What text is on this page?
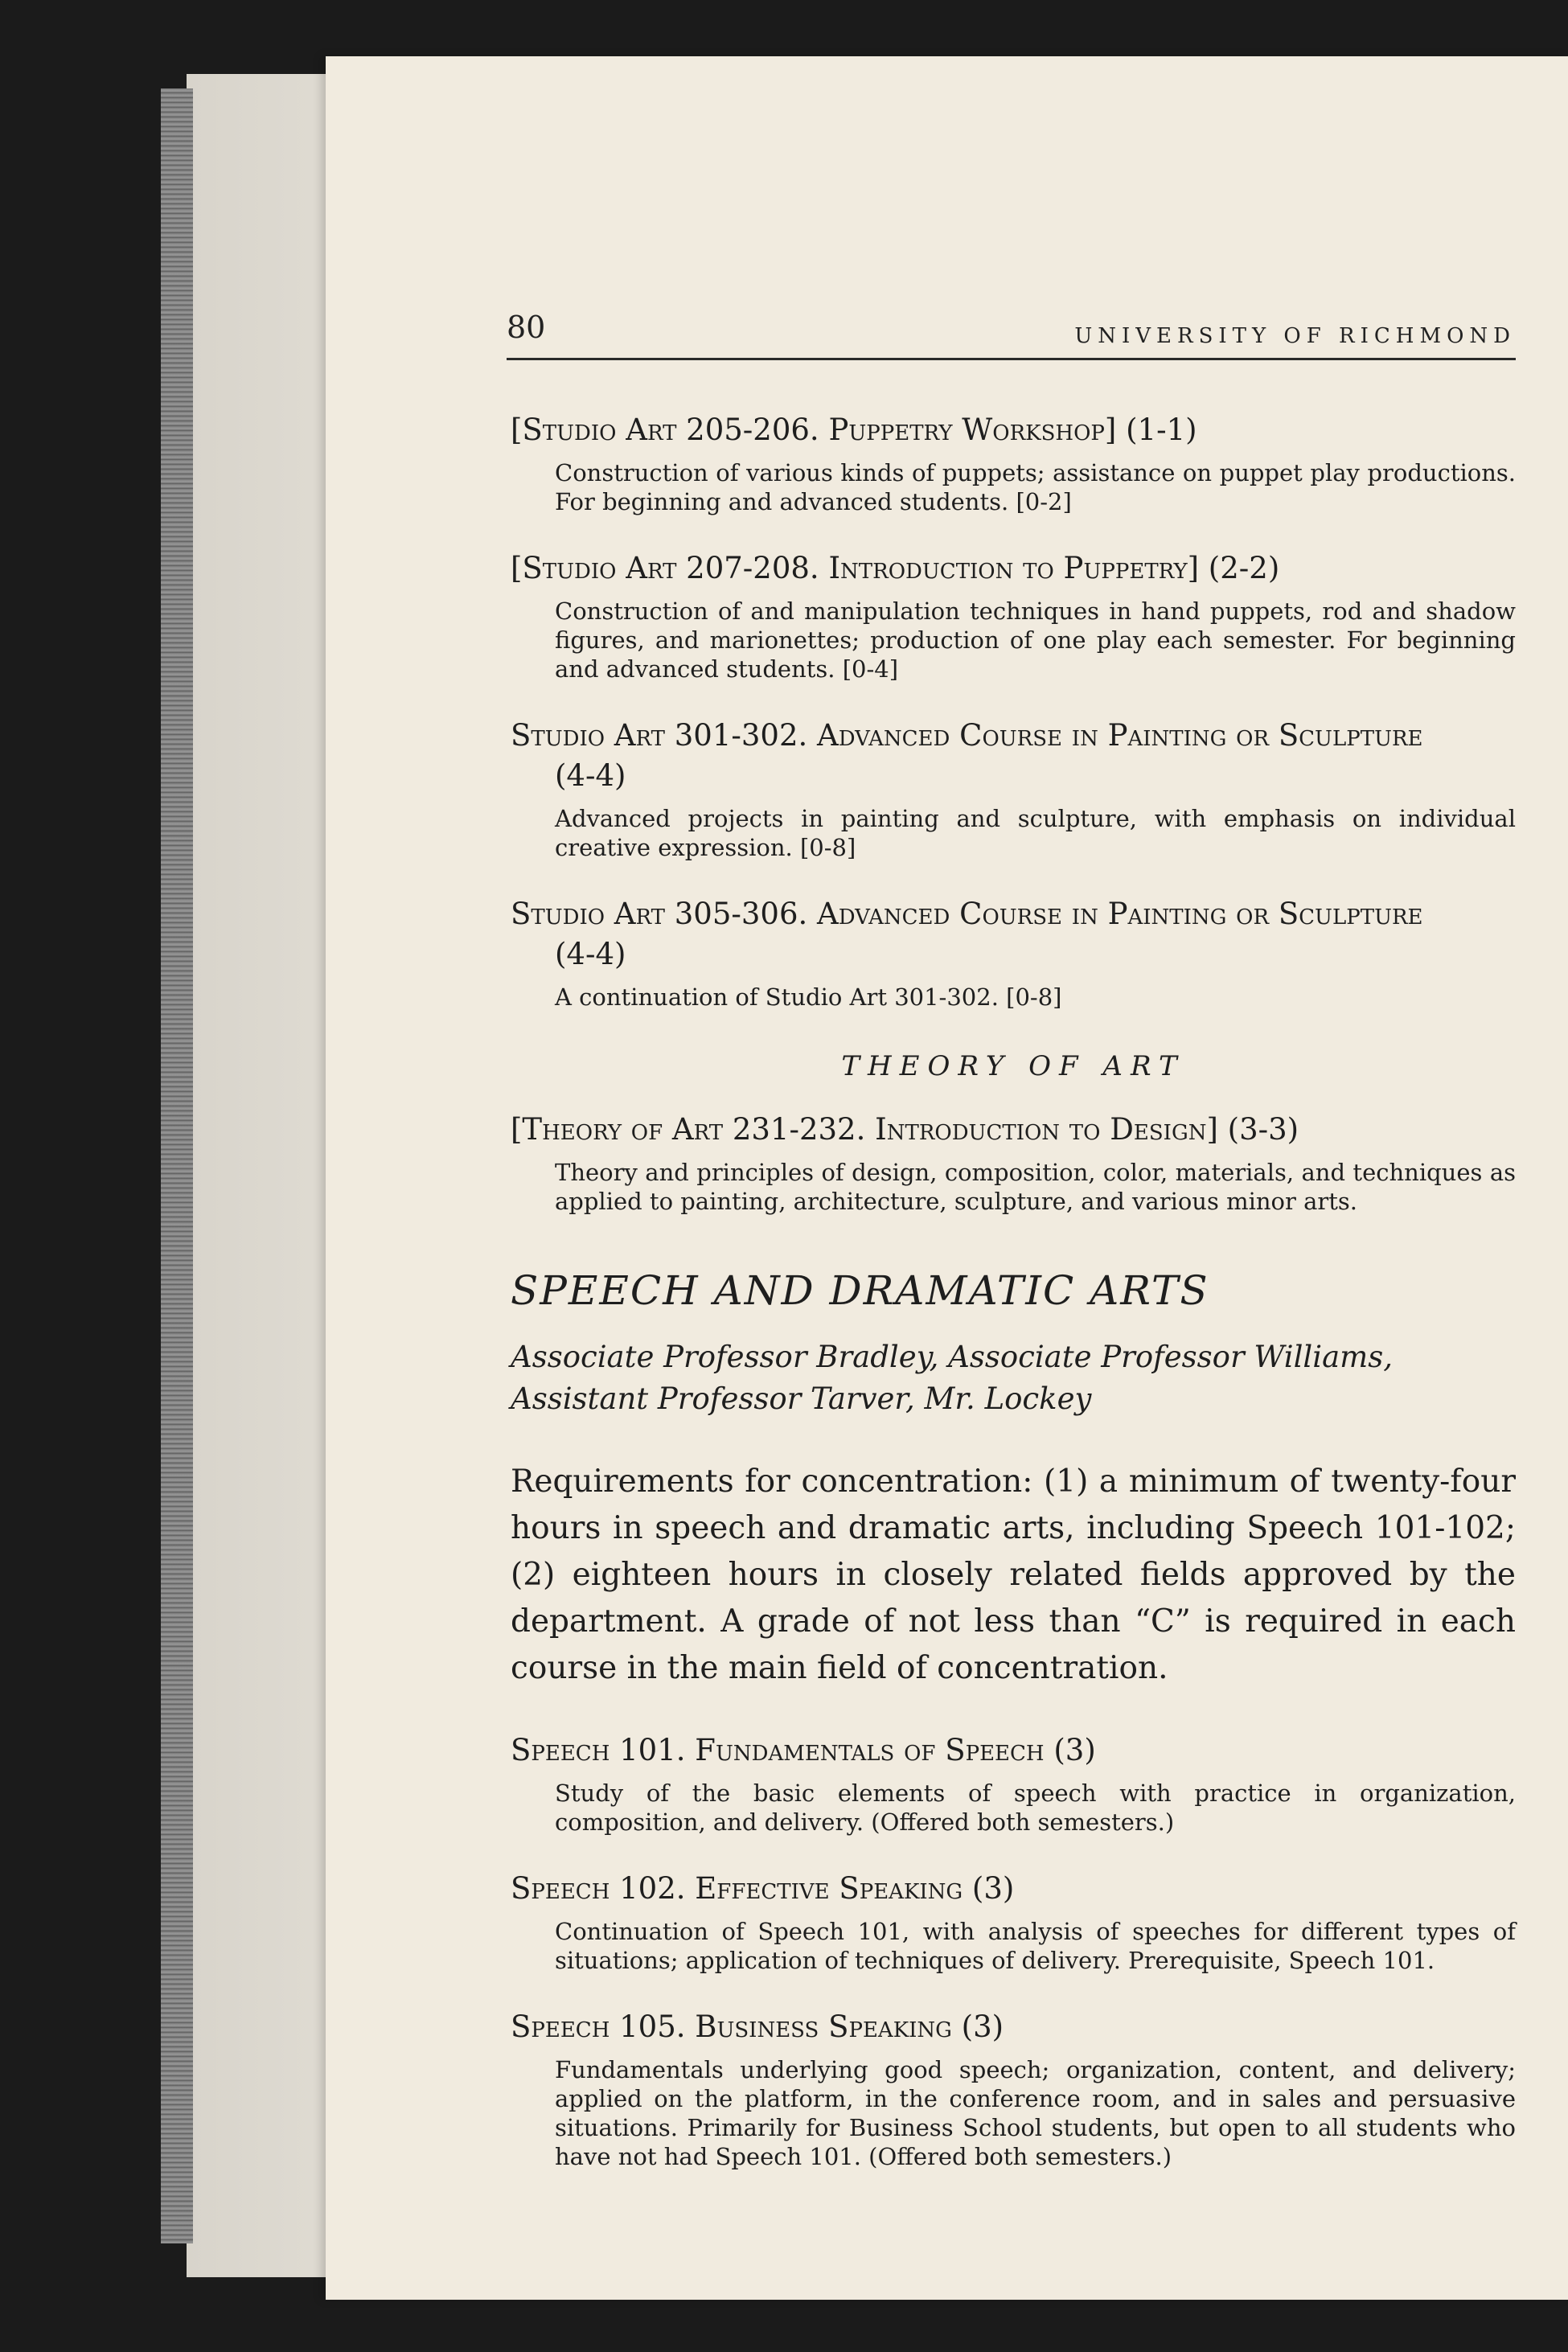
80	UNIVERSITY OF RICHMOND

[Studio Art 205-206. Puppetry Workshop] (1-1)

Construction of various kinds of puppets; assistance on puppet play productions. For beginning and advanced students. [0-2]

[Studio Art 207-208. Introduction to Puppetry] (2-2)

Construction of and manipulation techniques in hand puppets, rod and shadow figures, and marionettes; production of one play each semester. For beginning and advanced students. [0-4]

Studio Art 301-302. Advanced Course in Painting or Sculpture
(4-4)

Advanced projects in painting and sculpture, with emphasis on individual creative expression. [0-8]

Studio Art 305-306. Advanced Course in Painting or Sculpture
(4-4)

A continuation of Studio Art 301-302. [0-8]

THEORY OF ART

[Theory of Art 231-232. Introduction to Design] (3-3)

Theory and principles of design, composition, color, materials, and techniques as applied to painting, architecture, sculpture, and various minor arts.

SPEECH AND DRAMATIC ARTS

Associate Professor Bradley, Associate Professor Williams, Assistant Professor Tarver, Mr. Lockey

Requirements for concentration: (1) a minimum of twenty-four hours in speech and dramatic arts, including Speech 101-102; (2) eighteen hours in closely related fields approved by the department. A grade of not less than “C” is required in each course in the main field of concentration.

Speech 101. Fundamentals of Speech (3)

Study of the basic elements of speech with practice in organization, composition, and delivery. (Offered both semesters.)

Speech 102. Effective Speaking (3)

Continuation of Speech 101, with analysis of speeches for different types of situations; application of techniques of delivery. Prerequisite, Speech 101.

Speech 105. Business Speaking (3)

Fundamentals underlying good speech; organization, content, and delivery; applied on the platform, in the conference room, and in sales and persuasive situations. Primarily for Business School students, but open to all students who have not had Speech 101. (Offered both semesters.)
